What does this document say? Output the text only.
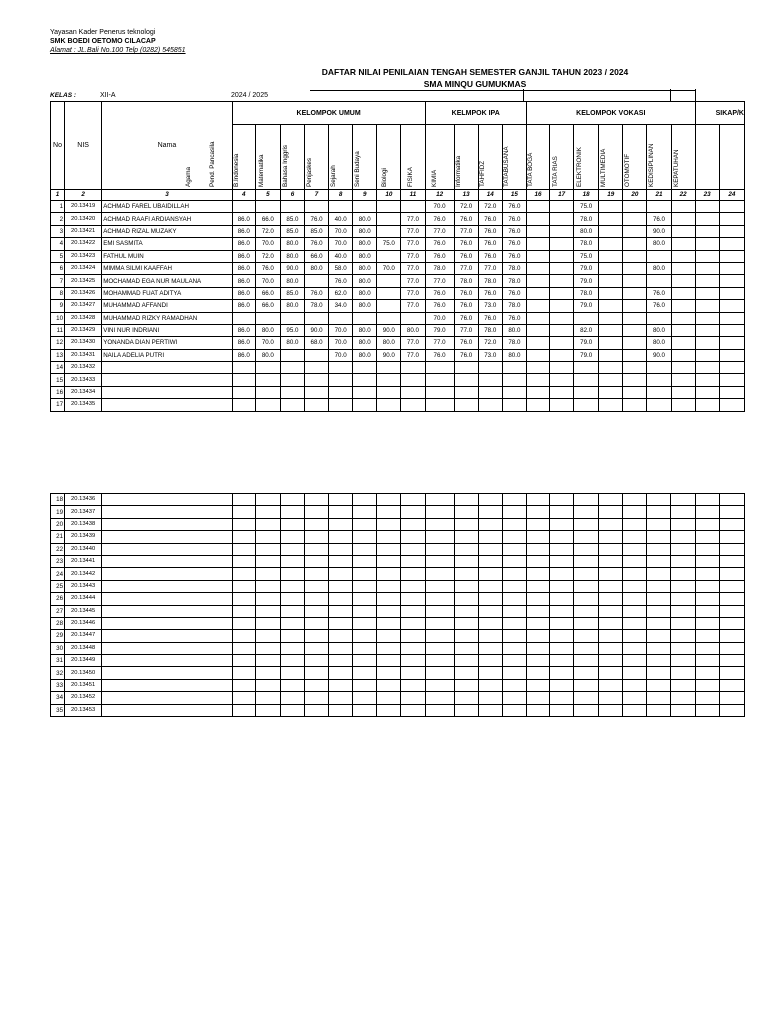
Yayasan Kader Penerus teknologi
SMK BOEDI OETOMO CILACAP
Alamat : JL.Bali No.100 Telp (0282) 545851
DAFTAR NILAI PENILAIAN TENGAH SEMESTER GANJIL TAHUN 2023 / 2024
SMA MINQU GUMUKMAS
KELAS :	XII-A	2024 / 2025
No	NIS	Nama	KELOMPOK UMUM								KELMPOK IPA				KELOMPOK VOKASI							SIKAP/K	

			Agama	Pend. Pancasila	B.Indonesia	Matematika	Bahasa Inggris	Penjaskes	Sejarah	Seni Budaya	Biologi	FISIKA	KIMIA	Informatika	TAHFIDZ	TATABUSANA	TATA BOGA	TATA RIAS	ELEKTRONIK	MULTIMEDIA	OTOMOTIF	KEDISIPLINAN	KEPATUHAN

1	2	3	4	5	6	7	8	9	10	11	12	13	14	15	16	17	18	19	20	21	22	23	24
1	20.13419	ACHMAD FAREL UBAIDILLAH									70.0	72.0	72.0	76.0			75.0						
2	20.13420	ACHMAD RAAFI ARDIANSYAH	86.0	66.0	85.0	76.0	40.0	80.0		77.0	76.0	76.0	76.0	76.0			78.0			76.0			
3	20.13421	ACHMAD RIZAL MUZAKY	86.0	72.0	85.0	85.0	70.0	80.0		77.0	77.0	77.0	76.0	76.0			80.0			90.0			
4	20.13422	EMI SASMITA	86.0	70.0	80.0	76.0	70.0	80.0	75.0	77.0	76.0	76.0	76.0	76.0			78.0			80.0			
5	20.13423	FATHUL MUIN	86.0	72.0	80.0	66.0	40.0	80.0		77.0	76.0	76.0	76.0	76.0			75.0						
6	20.13424	MIMMA SILMI KAAFFAH	86.0	76.0	90.0	80.0	58.0	80.0	70.0	77.0	78.0	77.0	77.0	78.0			79.0			80.0			
7	20.13425	MOCHAMAD EGA NUR MAULANA	86.0	70.0	80.0		76.0	80.0		77.0	77.0	78.0	78.0	78.0			79.0						
8	20.13426	MOHAMMAD FUAT ADITYA	86.0	66.0	85.0	76.0	62.0	80.0		77.0	76.0	76.0	76.0	76.0			78.0			76.0			
9	20.13427	MUHAMMAD AFFANDI	86.0	66.0	80.0	78.0	34.0	80.0		77.0	76.0	76.0	73.0	78.0			79.0			76.0			
10	20.13428	MUHAMMAD RIZKY RAMADHAN									70.0	76.0	76.0	76.0									
11	20.13429	VINI NUR INDRIANI	86.0	80.0	95.0	90.0	70.0	80.0	90.0	80.0	79.0	77.0	78.0	80.0			82.0			80.0			
12	20.13430	YONANDA DIAN PERTIWI	86.0	70.0	80.0	68.0	70.0	80.0	80.0	77.0	77.0	76.0	72.0	78.0			79.0			80.0			
13	20.13431	NAILA ADELIA PUTRI	86.0	80.0			70.0	80.0	90.0	77.0	76.0	76.0	73.0	80.0			79.0			90.0			
14	20.13432																						
15	20.13433																						
16	20.13434																						
17	20.13435																						
18	20.13436																						
19	20.13437																						
20	20.13438																						
21	20.13439																						
22	20.13440																						
23	20.13441																						
24	20.13442																						
25	20.13443																						
26	20.13444																						
27	20.13445																						
28	20.13446																						
29	20.13447																						
30	20.13448																						
31	20.13449																						
32	20.13450																						
33	20.13451																						
34	20.13452																						
35	20.13453																						
